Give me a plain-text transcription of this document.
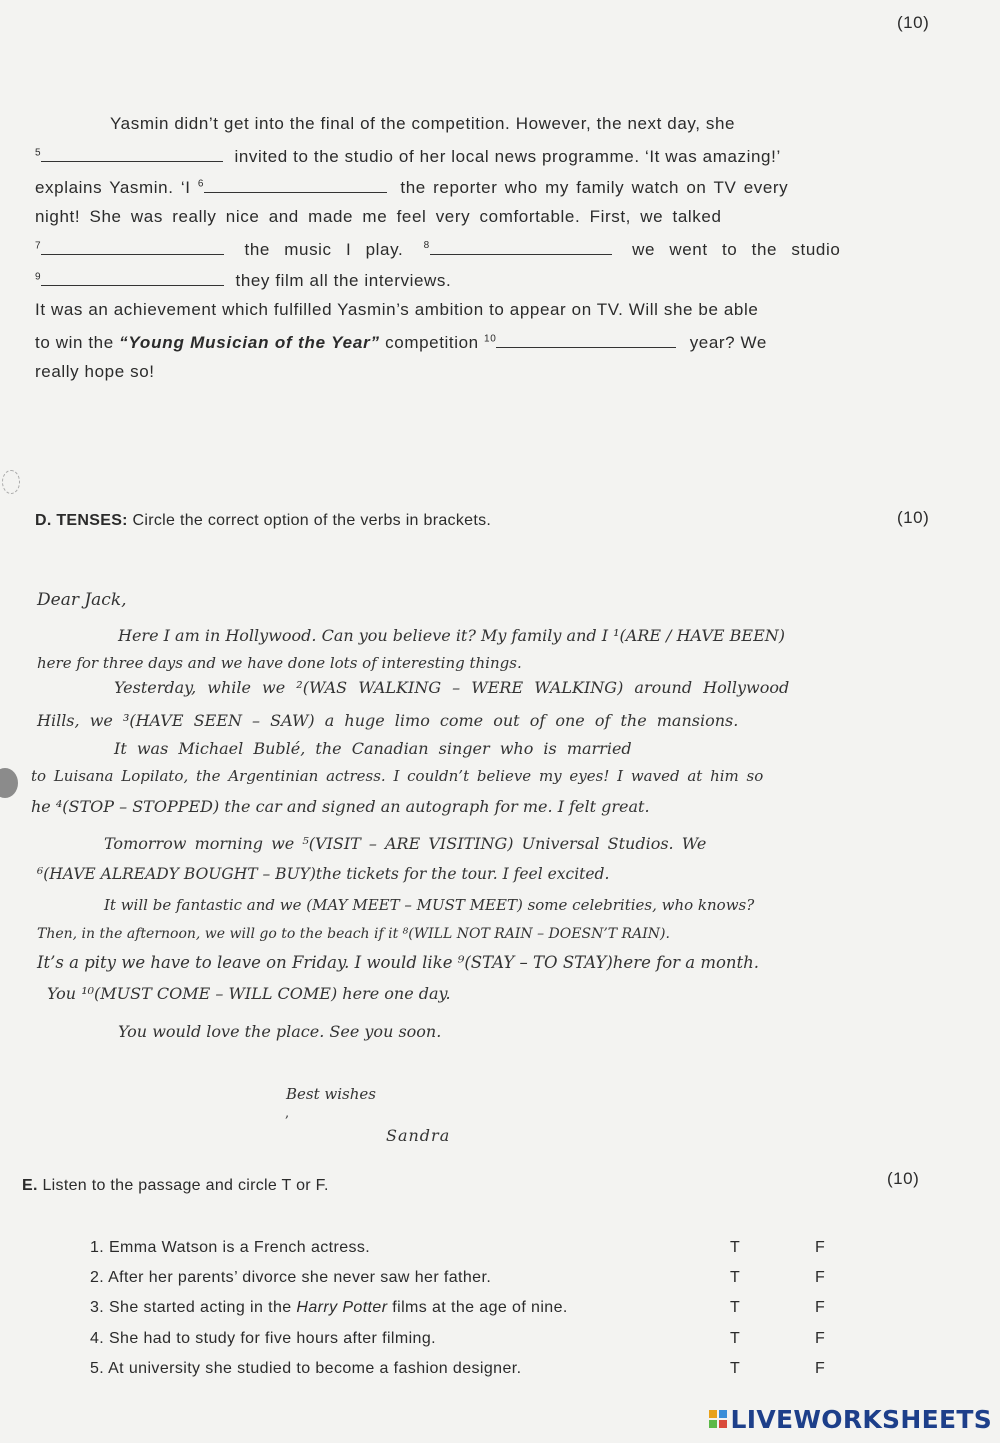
(10)
Yasmin didn’t get into the final of the competition. However, the next day, she
$^5$	invited to the studio of her local news programme. ‘It was amazing!’
explains Yasmin. ‘I $^6$	the reporter who my family watch on TV every
night! She was really nice and made me feel very comfortable. First, we talked
$^7$	the music I play. $^8$	we went to the studio
$^9$	they film all the interviews.
It was an achievement which fulfilled Yasmin’s ambition to appear on TV. Will she be able
to win the “Young Musician of the Year” competition $^{10}$	year? We
really hope so!
D. TENSES: Circle the correct option of the verbs in brackets.	(10)
Dear Jack,
Here I am in Hollywood. Can you believe it? My family and I ¹(ARE / HAVE BEEN)
here for three days and we have done lots of interesting things.
Yesterday, while we ²(WAS WALKING – WERE WALKING) around Hollywood
Hills, we ³(HAVE SEEN – SAW) a huge limo come out of one of the mansions.
It was Michael Bublé, the Canadian singer who is married
to Luisana Lopilato, the Argentinian actress. I couldn’t believe my eyes! I waved at him so
he ⁴(STOP – STOPPED) the car and signed an autograph for me. I felt great.
Tomorrow morning we ⁵(VISIT – ARE VISITING) Universal Studios. We
⁶(HAVE ALREADY BOUGHT – BUY)the tickets for the tour. I feel excited.
It will be fantastic and we (MAY MEET – MUST MEET) some celebrities, who knows?
Then, in the afternoon, we will go to the beach if it ⁸(WILL NOT RAIN – DOESN’T RAIN).
It’s a pity we have to leave on Friday. I would like ⁹(STAY – TO STAY)here for a month.
You ¹⁰(MUST COME – WILL COME) here one day.
You would love the place. See you soon.
Best wishes
,
Sandra
E. Listen to the passage and circle T or F.	(10)
1. Emma Watson is a French actress.	T	F
2. After her parents’ divorce she never saw her father.	T	F
3. She started acting in the Harry Potter films at the age of nine.	T	F
4. She had to study for five hours after filming.	T	F
5. At university she studied to become a fashion designer.	T	F
LIVEWORKSHEETS
